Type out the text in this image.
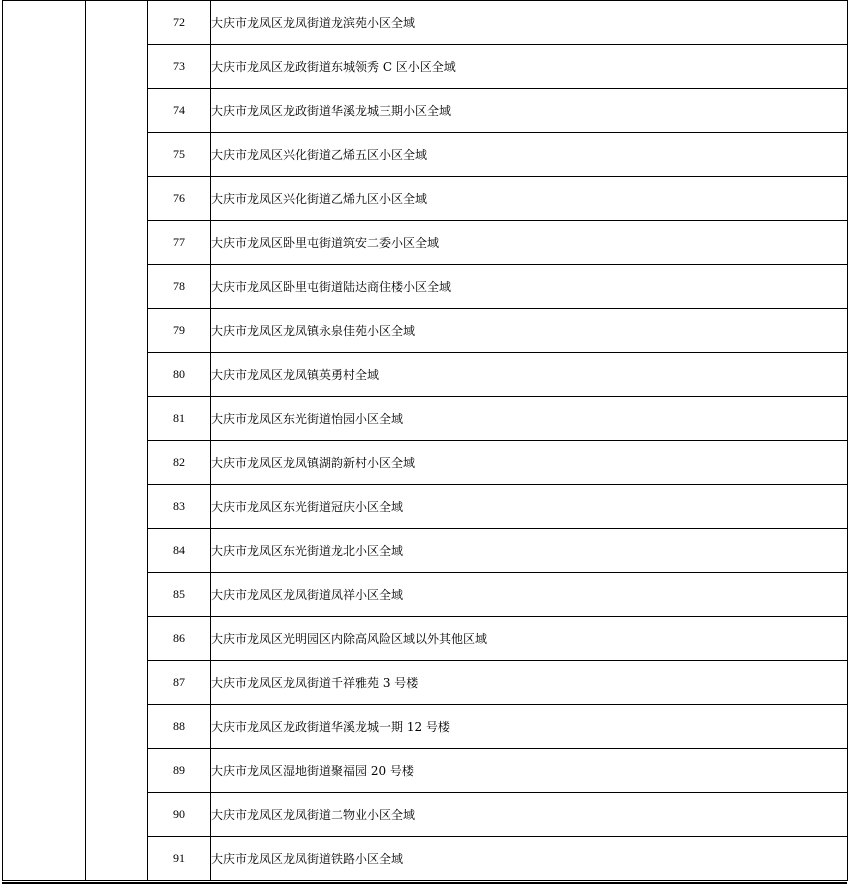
		72	大庆市龙凤区龙凤街道龙滨苑小区全域
		73	大庆市龙凤区龙政街道东城领秀 C 区小区全域
		74	大庆市龙凤区龙政街道华溪龙城三期小区全域
		75	大庆市龙凤区兴化街道乙烯五区小区全域
		76	大庆市龙凤区兴化街道乙烯九区小区全域
		77	大庆市龙凤区卧里屯街道筑安二委小区全域
		78	大庆市龙凤区卧里屯街道陆达商住楼小区全域
		79	大庆市龙凤区龙凤镇永泉佳苑小区全域
		80	大庆市龙凤区龙凤镇英勇村全域
		81	大庆市龙凤区东光街道怡园小区全域
		82	大庆市龙凤区龙凤镇湖韵新村小区全域
		83	大庆市龙凤区东光街道冠庆小区全域
		84	大庆市龙凤区东光街道龙北小区全域
		85	大庆市龙凤区龙凤街道凤祥小区全域
		86	大庆市龙凤区光明园区内除高风险区域以外其他区域
		87	大庆市龙凤区龙凤街道千祥雅苑 3 号楼
		88	大庆市龙凤区龙政街道华溪龙城一期 12 号楼
		89	大庆市龙凤区湿地街道聚福园 20 号楼
		90	大庆市龙凤区龙凤街道二物业小区全域
		91	大庆市龙凤区龙凤街道铁路小区全域
